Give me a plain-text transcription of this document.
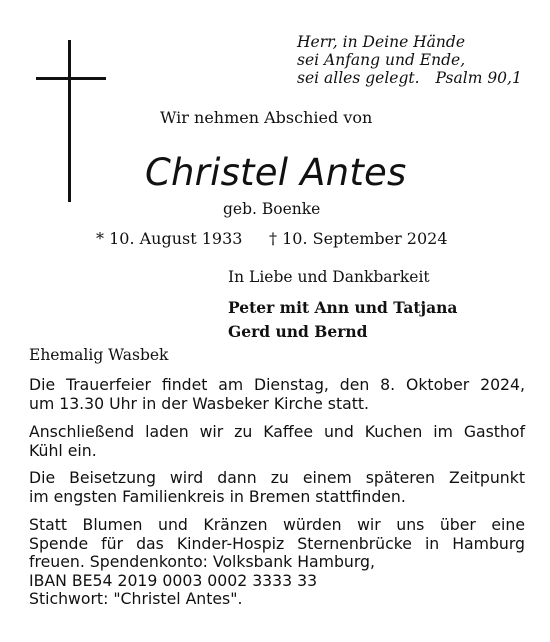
Herr, in Deine Hände
sei Anfang und Ende,
sei alles gelegt. Psalm 90,1
Wir nehmen Abschied von
Christel Antes
geb. Boenke
* 10. August 1933 † 10. September 2024
In Liebe und Dankbarkeit
Peter mit Ann und Tatjana
Gerd und Bernd
Ehemalig Wasbek

Die Trauerfeier findet am Dienstag, den 8. Oktober 2024,

um 13.30 Uhr in der Wasbeker Kirche statt.

Anschließend laden wir zu Kaffee und Kuchen im Gasthof

Kühl ein.

Die Beisetzung wird dann zu einem späteren Zeitpunkt

im engsten Familienkreis in Bremen stattfinden.

Statt Blumen und Kränzen würden wir uns über eine

Spende für das Kinder-Hospiz Sternenbrücke in Hamburg

freuen. Spendenkonto: Volksbank Hamburg,

IBAN BE54 2019 0003 0002 3333 33

Stichwort: "Christel Antes".
